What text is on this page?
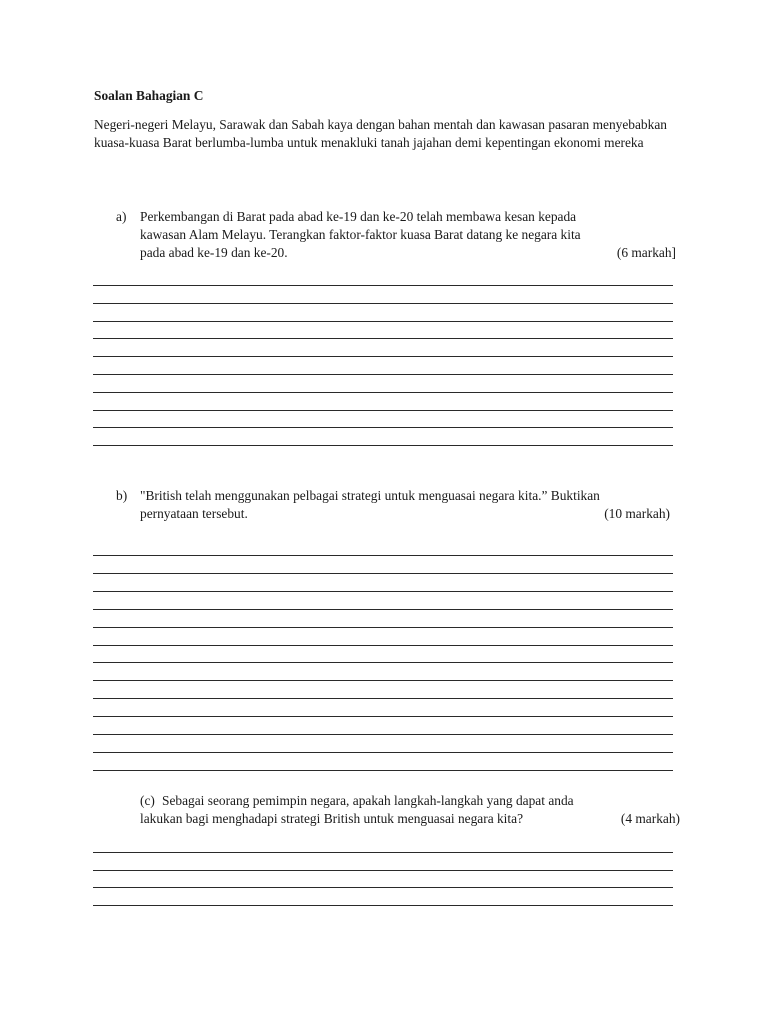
Soalan Bahagian C
Negeri-negeri Melayu, Sarawak dan Sabah kaya dengan bahan mentah dan kawasan pasaran menyebabkan kuasa-kuasa Barat berlumba-lumba untuk menakluki tanah jajahan demi kepentingan ekonomi mereka
a) Perkembangan di Barat pada abad ke-19 dan ke-20 telah membawa kesan kepada
kawasan Alam Melayu. Terangkan faktor-faktor kuasa Barat datang ke negara kita
(6 markah]
pada abad ke-19 dan ke-20.
b) "British telah menggunakan pelbagai strategi untuk menguasai negara kita.” Buktikan
(10 markah)
pernyataan tersebut.
(c) Sebagai seorang pemimpin negara, apakah langkah-langkah yang dapat anda
(4 markah)
lakukan bagi menghadapi strategi British untuk menguasai negara kita?
